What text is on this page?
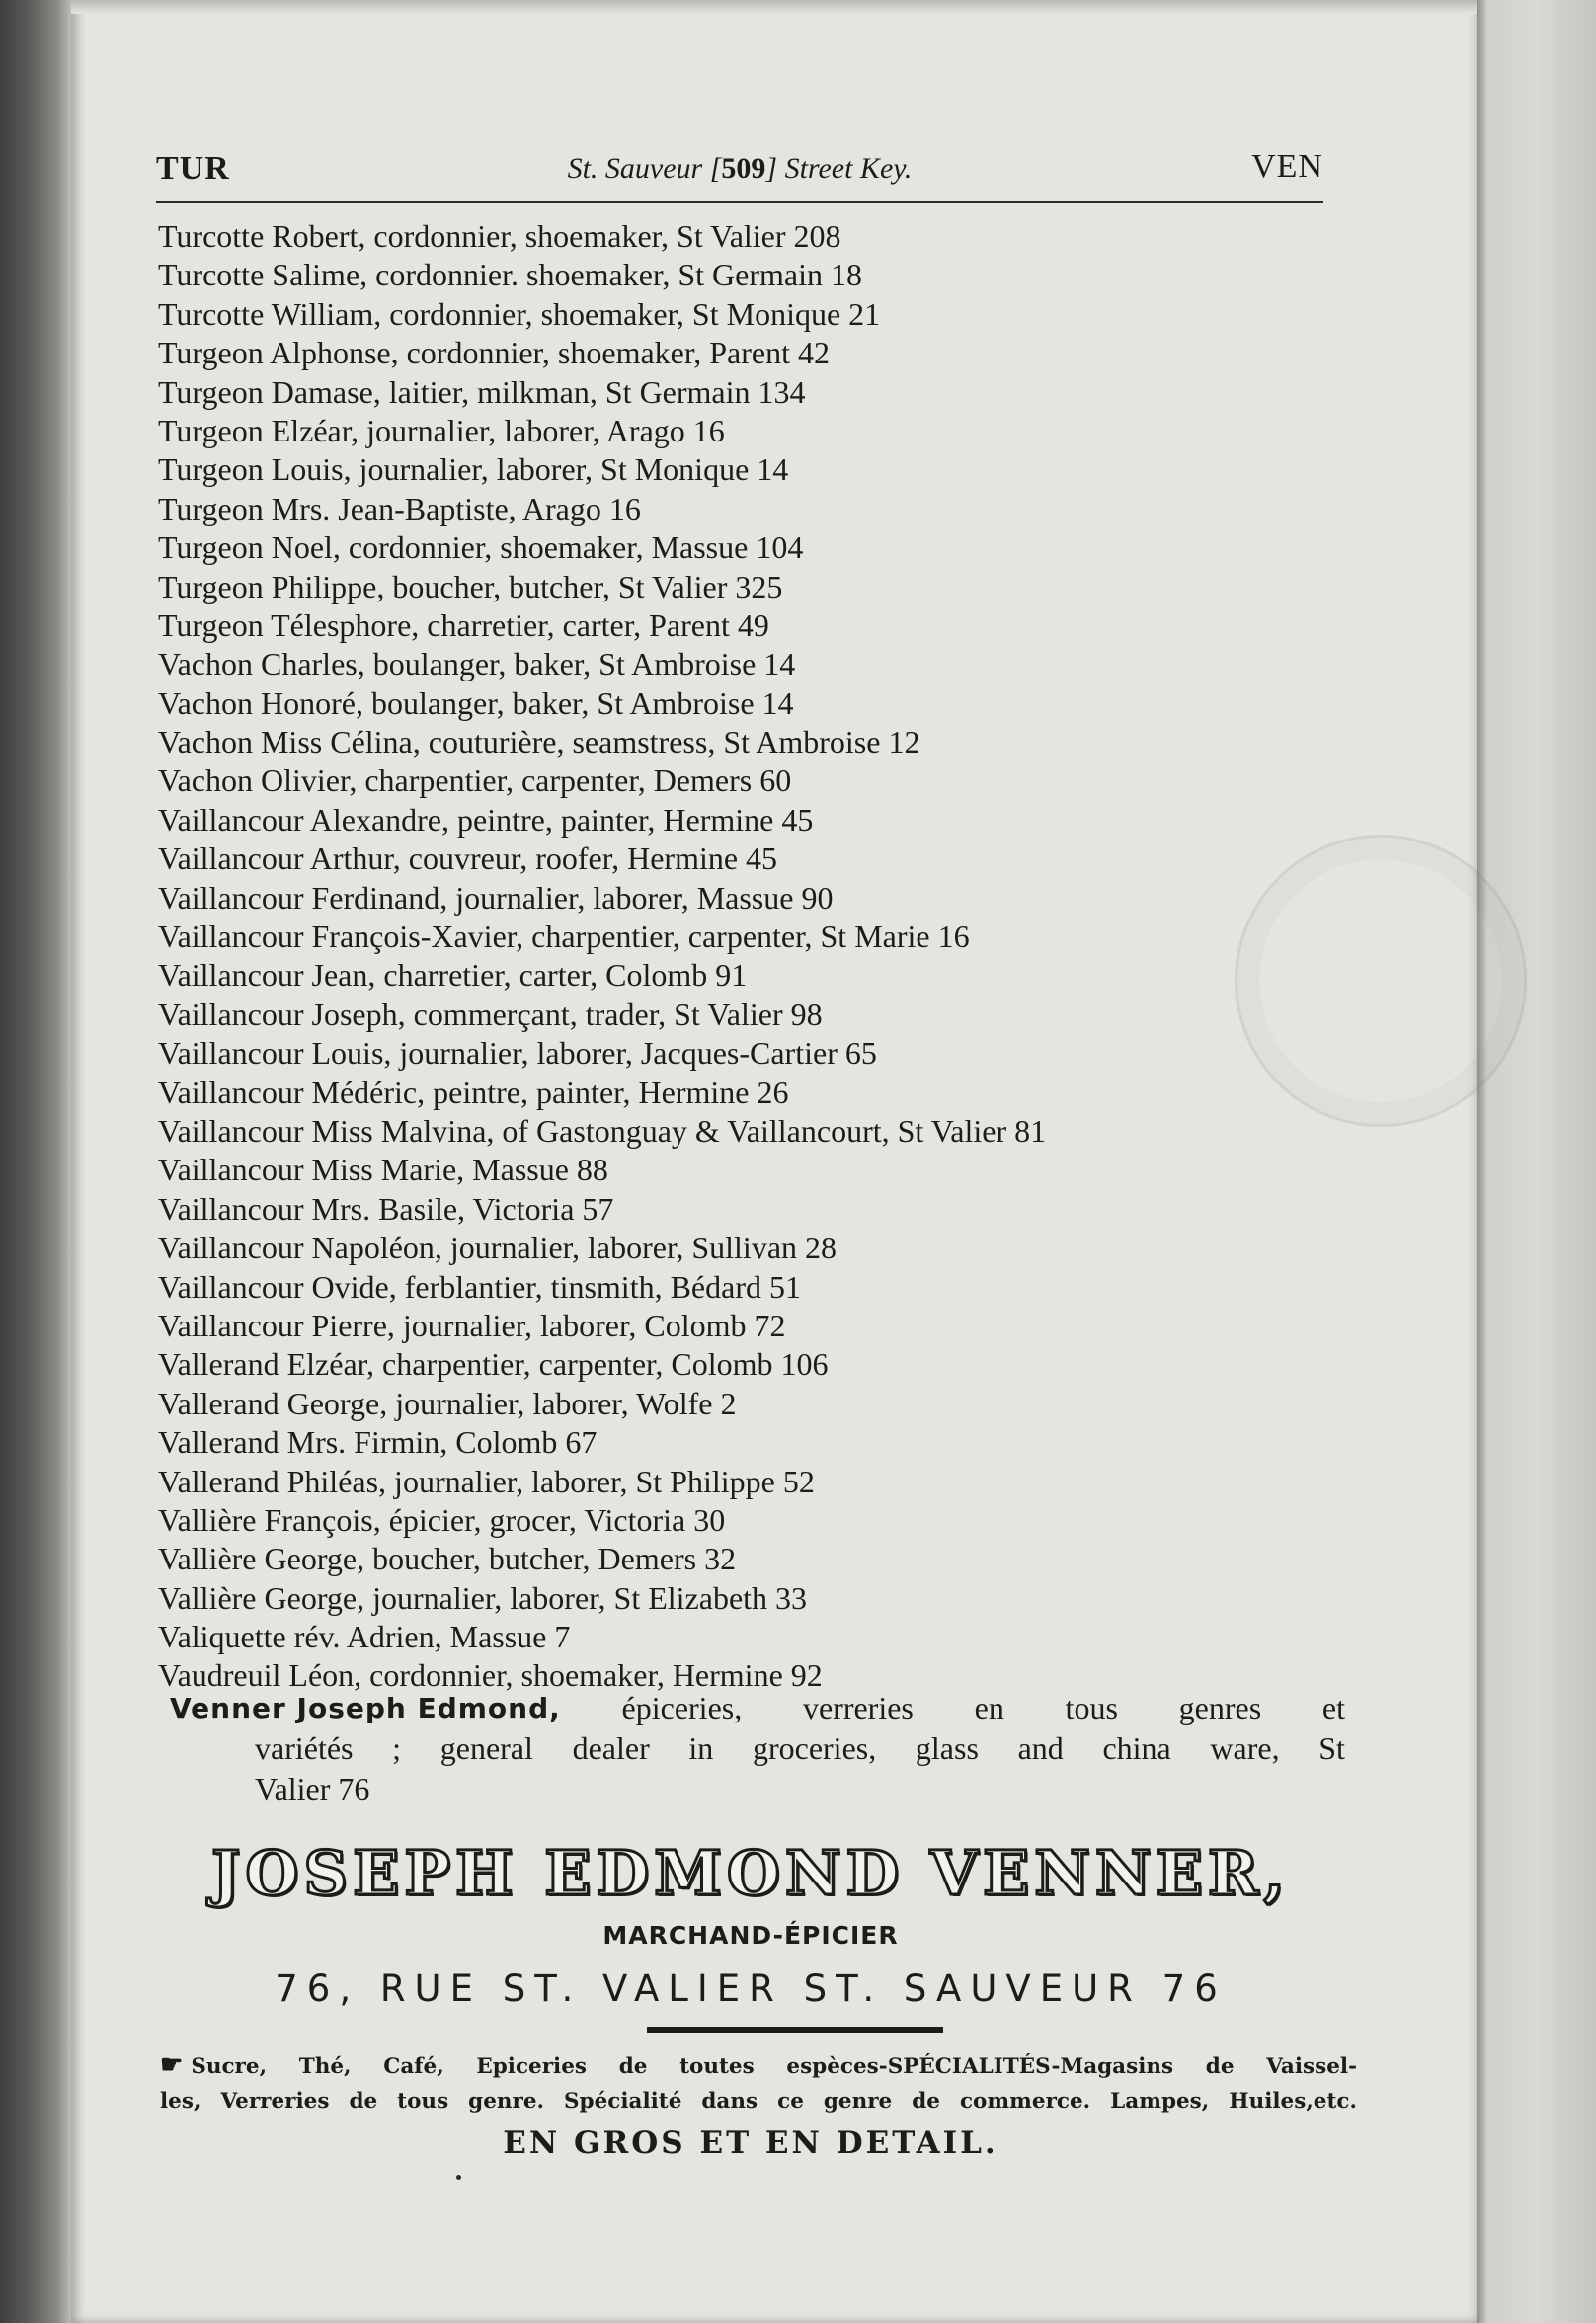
TUR	St. Sauveur [509] Street Key.	VEN
Turcotte Robert, cordonnier, shoemaker, St Valier 208
Turcotte Salime, cordonnier. shoemaker, St Germain 18
Turcotte William, cordonnier, shoemaker, St Monique 21
Turgeon Alphonse, cordonnier, shoemaker, Parent 42
Turgeon Damase, laitier, milkman, St Germain 134
Turgeon Elzéar, journalier, laborer, Arago 16
Turgeon Louis, journalier, laborer, St Monique 14
Turgeon Mrs. Jean-Baptiste, Arago 16
Turgeon Noel, cordonnier, shoemaker, Massue 104
Turgeon Philippe, boucher, butcher, St Valier 325
Turgeon Télesphore, charretier, carter, Parent 49
Vachon Charles, boulanger, baker, St Ambroise 14
Vachon Honoré, boulanger, baker, St Ambroise 14
Vachon Miss Célina, couturière, seamstress, St Ambroise 12
Vachon Olivier, charpentier, carpenter, Demers 60
Vaillancour Alexandre, peintre, painter, Hermine 45
Vaillancour Arthur, couvreur, roofer, Hermine 45
Vaillancour Ferdinand, journalier, laborer, Massue 90
Vaillancour François-Xavier, charpentier, carpenter, St Marie 16
Vaillancour Jean, charretier, carter, Colomb 91
Vaillancour Joseph, commerçant, trader, St Valier 98
Vaillancour Louis, journalier, laborer, Jacques-Cartier 65
Vaillancour Médéric, peintre, painter, Hermine 26
Vaillancour Miss Malvina, of Gastonguay & Vaillancourt, St Valier 81
Vaillancour Miss Marie, Massue 88
Vaillancour Mrs. Basile, Victoria 57
Vaillancour Napoléon, journalier, laborer, Sullivan 28
Vaillancour Ovide, ferblantier, tinsmith, Bédard 51
Vaillancour Pierre, journalier, laborer, Colomb 72
Vallerand Elzéar, charpentier, carpenter, Colomb 106
Vallerand George, journalier, laborer, Wolfe 2
Vallerand Mrs. Firmin, Colomb 67
Vallerand Philéas, journalier, laborer, St Philippe 52
Vallière François, épicier, grocer, Victoria 30
Vallière George, boucher, butcher, Demers 32
Vallière George, journalier, laborer, St Elizabeth 33
Valiquette rév. Adrien, Massue 7
Vaudreuil Léon, cordonnier, shoemaker, Hermine 92
Venner Joseph Edmond, épiceries, verreries en tous genres et
variétés ; general dealer in groceries, glass and china ware, St
Valier 76
JOSEPH EDMOND VENNER,
MARCHAND-ÉPICIER
76, RUE ST. VALIER ST. SAUVEUR 76
☛ Sucre, Thé, Café, Epiceries de toutes espèces-SPÉCIALITÉS-Magasins de Vaissel-
les, Verreries de tous genre. Spécialité dans ce genre de commerce. Lampes, Huiles,etc.
EN GROS ET EN DETAIL.
